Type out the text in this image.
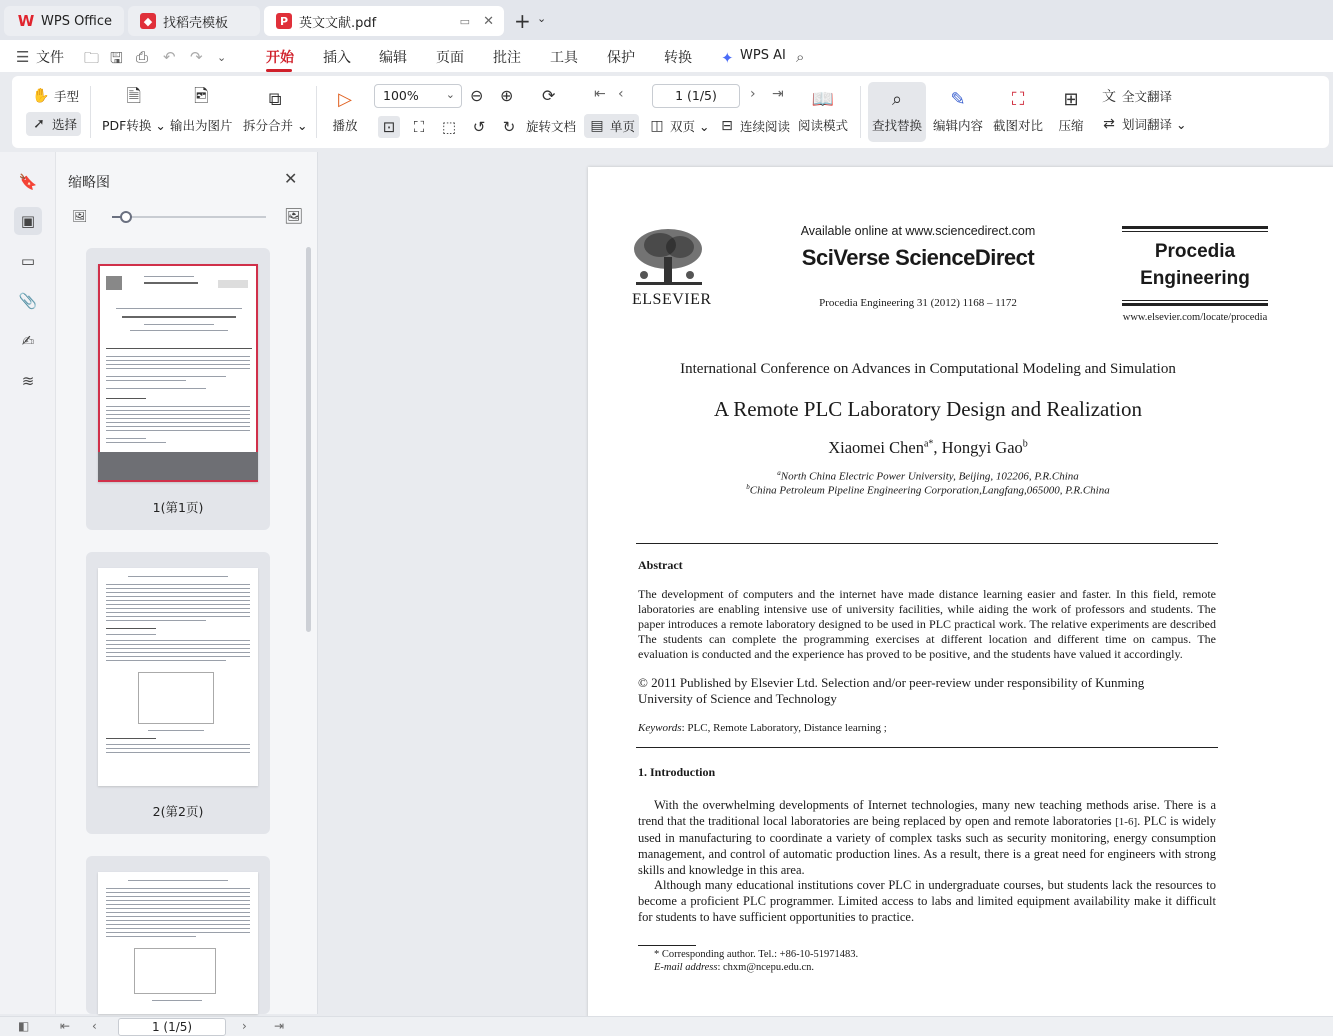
W WPS Office	◆ 找稻壳模板	P 英文文献.pdf	▭ ✕ + ⌄
☰ 文件 🗀 🖫 ⎙ ↶ ↷ ⌄	开始 插入 编辑 页面 批注 工具 保护 转换 ✦ WPS AI ⌕
✋ 手型
➚ 选择
🗎
PDF转换 ⌄
🖻
输出为图片
⧉
拆分合并 ⌄
▷
播放
100% ⌄ ⊖ ⊕ ⟳	⇤ ‹	1 (1/5)	› ⇥
⊡	⛶	⬚	↺	↻ 旋转文档 ▤ 单页 ◫ 双页 ⌄ ⊟ 连续阅读
📖
阅读模式
⌕
查找替换
✎
编辑内容
⛶
截图对比
⊞
压缩
文 全文翻译
⇄ 划词翻译 ⌄
🔖
▣
▭
📎
✍
≋
缩略图	✕
🖼	🖼
1(第1页)
2(第2页)
ELSEVIER
Available online at www.sciencedirect.com
SciVerse ScienceDirect
Procedia Engineering 31 (2012) 1168 – 1172
Procedia
Engineering
www.elsevier.com/locate/procedia
International Conference on Advances in Computational Modeling and Simulation
A Remote PLC Laboratory Design and Realization
Xiaomei Chen$^{a*}$, Hongyi Gao$^b$
$^a$North China Electric Power University, Beijing, 102206, P.R.China
$^b$China Petroleum Pipeline Engineering Corporation,Langfang,065000, P.R.China
Abstract
The development of computers and the internet have made distance learning easier and faster. In this field, remote laboratories are enabling intensive use of university facilities, while aiding the work of professors and students. The paper introduces a remote laboratory designed to be used in PLC practical work. The relative experiments are described The students can complete the programming exercises at different location and different time on campus. The evaluation is conducted and the experience has proved to be positive, and the students have valued it accordingly.
© 2011 Published by Elsevier Ltd. Selection and/or peer-review under responsibility of Kunming University of Science and Technology
Keywords: PLC, Remote Laboratory, Distance learning ;
1. Introduction
With the overwhelming developments of Internet technologies, many new teaching methods arise. There is a trend that the traditional local laboratories are being replaced by open and remote laboratories [1-6]. PLC is widely used in manufacturing to coordinate a variety of complex tasks such as security monitoring, energy consumption management, and control of automatic production lines. As a result, there is a great need for engineers with strong skills and knowledge in this area.
Although many educational institutions cover PLC in undergraduate courses, but students lack the resources to become a proficient PLC programmer. Limited access to labs and limited equipment availability make it difficult for students to have sufficient opportunities to practice.
* Corresponding author. Tel.: +86-10-51971483.
E-mail address: chxm@ncepu.edu.cn.
◧	⇤ ‹	1 (1/5)	› ⇥
